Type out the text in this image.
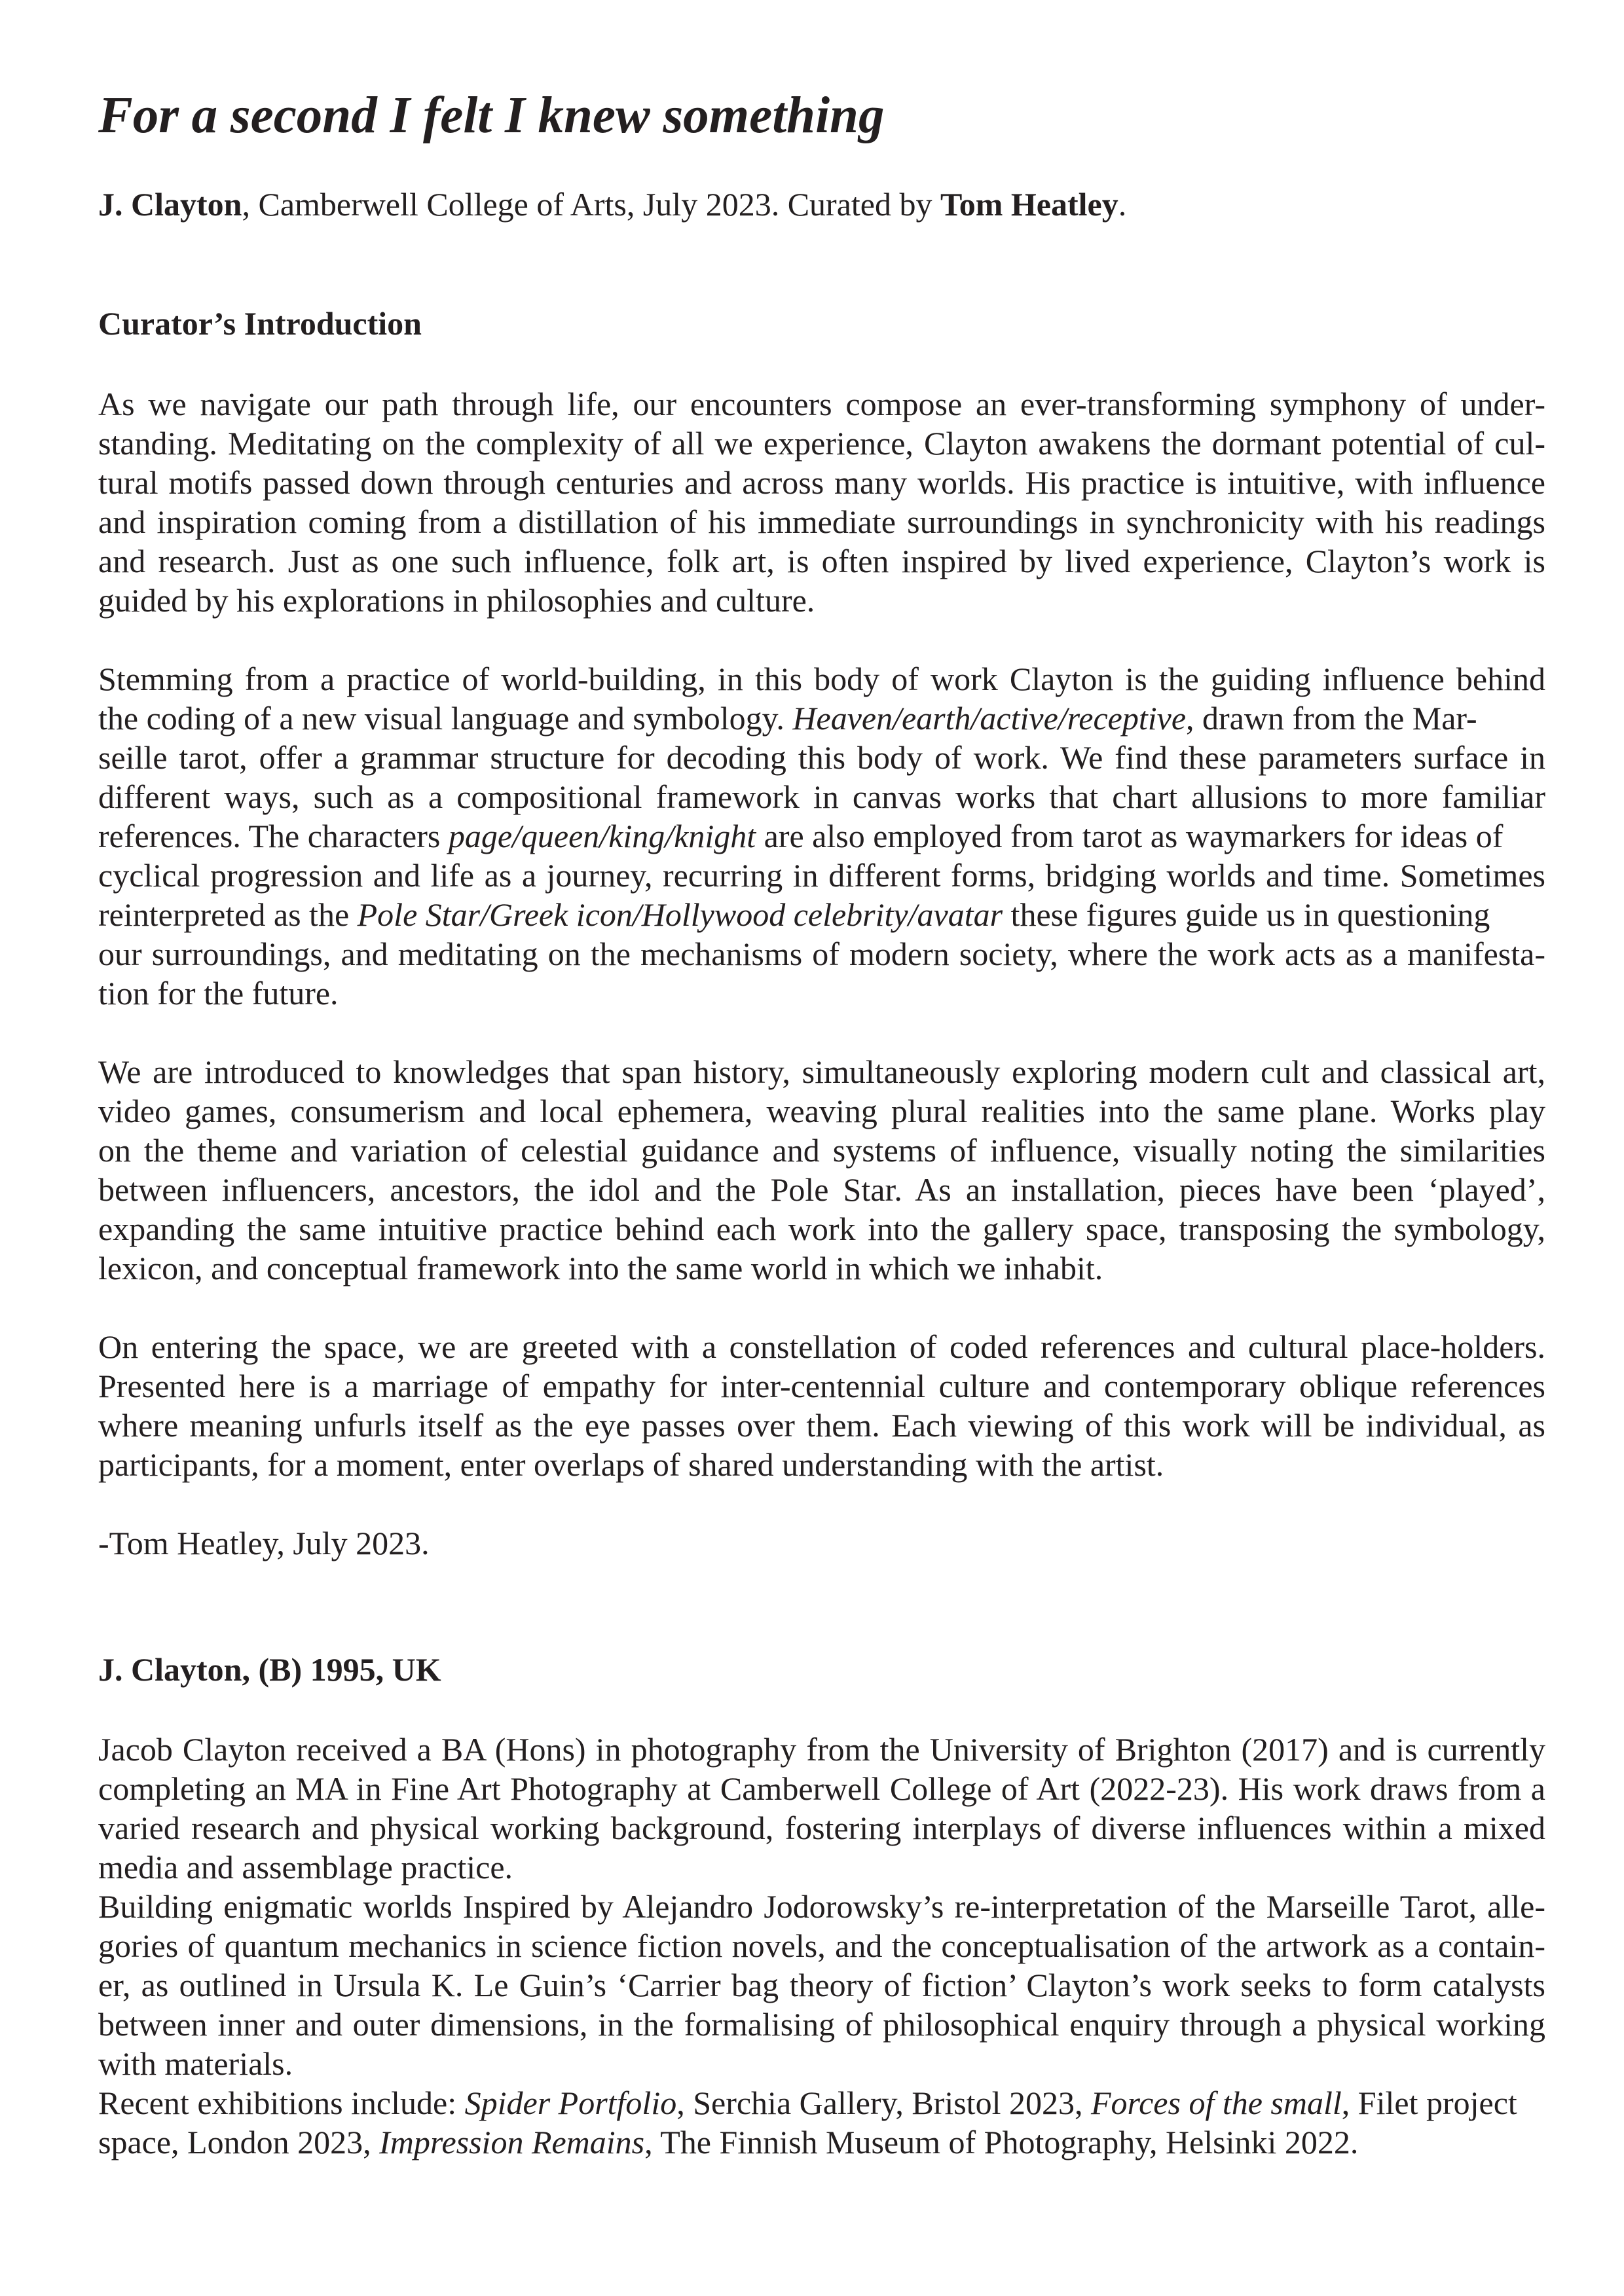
For a second I felt I knew something

J. Clayton, Camberwell College of Arts, July 2023. Curated by Tom Heatley.

Curator’s Introduction

As we navigate our path through life, our encounters compose an ever-transforming symphony of under-
standing. Meditating on the complexity of all we experience, Clayton awakens the dormant potential of cul-
tural motifs passed down through centuries and across many worlds. His practice is intuitive, with influence
and inspiration coming from a distillation of his immediate surroundings in synchronicity with his readings
and research. Just as one such influence, folk art, is often inspired by lived experience, Clayton’s work is
guided by his explorations in philosophies and culture.

Stemming from a practice of world-building, in this body of work Clayton is the guiding influence behind
the coding of a new visual language and symbology. Heaven/earth/active/receptive, drawn from the Mar-
seille tarot, offer a grammar structure for decoding this body of work. We find these parameters surface in
different ways, such as a compositional framework in canvas works that chart allusions to more familiar
references. The characters page/queen/king/knight are also employed from tarot as waymarkers for ideas of
cyclical progression and life as a journey, recurring in different forms, bridging worlds and time. Sometimes
reinterpreted as the Pole Star/Greek icon/Hollywood celebrity/avatar these figures guide us in questioning
our surroundings, and meditating on the mechanisms of modern society, where the work acts as a manifesta-
tion for the future.

We are introduced to knowledges that span history, simultaneously exploring modern cult and classical art,
video games, consumerism and local ephemera, weaving plural realities into the same plane. Works play
on the theme and variation of celestial guidance and systems of influence, visually noting the similarities
between influencers, ancestors, the idol and the Pole Star. As an installation, pieces have been ‘played’,
expanding the same intuitive practice behind each work into the gallery space, transposing the symbology,
lexicon, and conceptual framework into the same world in which we inhabit.

On entering the space, we are greeted with a constellation of coded references and cultural place-holders.
Presented here is a marriage of empathy for inter-centennial culture and contemporary oblique references
where meaning unfurls itself as the eye passes over them. Each viewing of this work will be individual, as
participants, for a moment, enter overlaps of shared understanding with the artist.

-Tom Heatley, July 2023.

J. Clayton, (B) 1995, UK

Jacob Clayton received a BA (Hons) in photography from the University of Brighton (2017) and is currently
completing an MA in Fine Art Photography at Camberwell College of Art (2022-23). His work draws from a
varied research and physical working background, fostering interplays of diverse influences within a mixed
media and assemblage practice.
Building enigmatic worlds Inspired by Alejandro Jodorowsky’s re-interpretation of the Marseille Tarot, alle-
gories of quantum mechanics in science fiction novels, and the conceptualisation of the artwork as a contain-
er, as outlined in Ursula K. Le Guin’s ‘Carrier bag theory of fiction’ Clayton’s work seeks to form catalysts
between inner and outer dimensions, in the formalising of philosophical enquiry through a physical working
with materials.
Recent exhibitions include: Spider Portfolio, Serchia Gallery, Bristol 2023, Forces of the small, Filet project
space, London 2023, Impression Remains, The Finnish Museum of Photography, Helsinki 2022.
